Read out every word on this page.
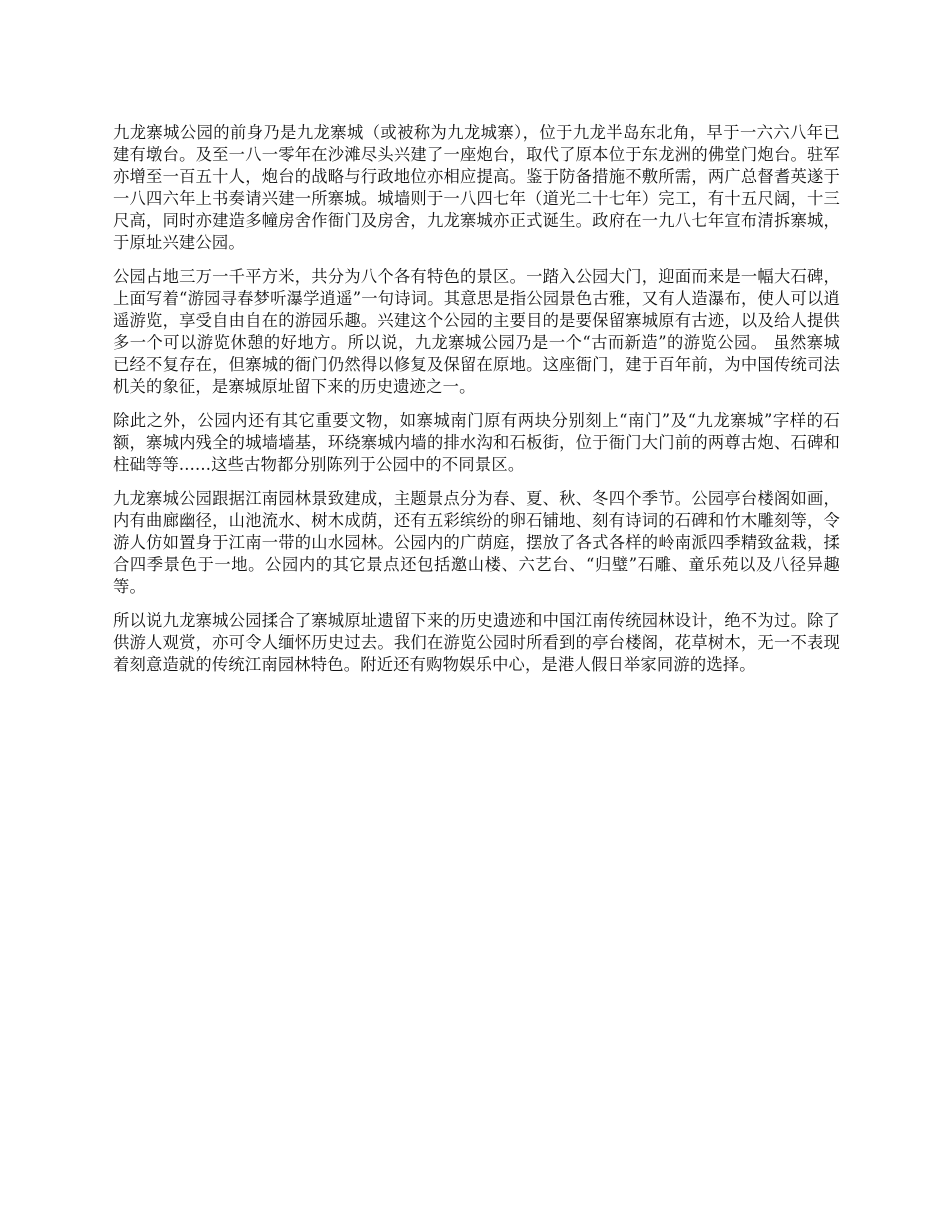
九龙寨城公园的前身乃是九龙寨城（或被称为九龙城寨），位于九龙半岛东北角，早于一六六八年已建有墩台。及至一八一零年在沙滩尽头兴建了一座炮台，取代了原本位于东龙洲的佛堂门炮台。驻军亦增至一百五十人，炮台的战略与行政地位亦相应提高。鉴于防备措施不敷所需，两广总督耆英遂于一八四六年上书奏请兴建一所寨城。城墙则于一八四七年（道光二十七年）完工，有十五尺阔，十三尺高，同时亦建造多幢房舍作衙门及房舍，九龙寨城亦正式诞生。政府在一九八七年宣布清拆寨城，于原址兴建公园。

公园占地三万一千平方米，共分为八个各有特色的景区。一踏入公园大门，迎面而来是一幅大石碑，上面写着“游园寻春梦听瀑学逍遥”一句诗词。其意思是指公园景色古雅，又有人造瀑布，使人可以逍遥游览，享受自由自在的游园乐趣。兴建这个公园的主要目的是要保留寨城原有古迹，以及给人提供多一个可以游览休憩的好地方。所以说，九龙寨城公园乃是一个“古而新造”的游览公园。 虽然寨城已经不复存在，但寨城的衙门仍然得以修复及保留在原地。这座衙门，建于百年前，为中国传统司法机关的象征，是寨城原址留下来的历史遗迹之一。

除此之外，公园内还有其它重要文物，如寨城南门原有两块分别刻上“南门”及“九龙寨城”字样的石额，寨城内残全的城墙墙基，环绕寨城内墙的排水沟和石板街，位于衙门大门前的两尊古炮、石碑和柱础等等......这些古物都分别陈列于公园中的不同景区。

九龙寨城公园跟据江南园林景致建成，主题景点分为春、夏、秋、冬四个季节。公园亭台楼阁如画，内有曲廊幽径，山池流水、树木成荫，还有五彩缤纷的卵石铺地、刻有诗词的石碑和竹木雕刻等，令游人仿如置身于江南一带的山水园林。公园内的广荫庭，摆放了各式各样的岭南派四季精致盆栽，揉合四季景色于一地。公园内的其它景点还包括邀山楼、六艺台、“归璧”石雕、童乐苑以及八径异趣等。

所以说九龙寨城公园揉合了寨城原址遗留下来的历史遗迹和中国江南传统园林设计，绝不为过。除了供游人观赏，亦可令人缅怀历史过去。我们在游览公园时所看到的亭台楼阁，花草树木，无一不表现着刻意造就的传统江南园林特色。附近还有购物娱乐中心，是港人假日举家同游的选择。
